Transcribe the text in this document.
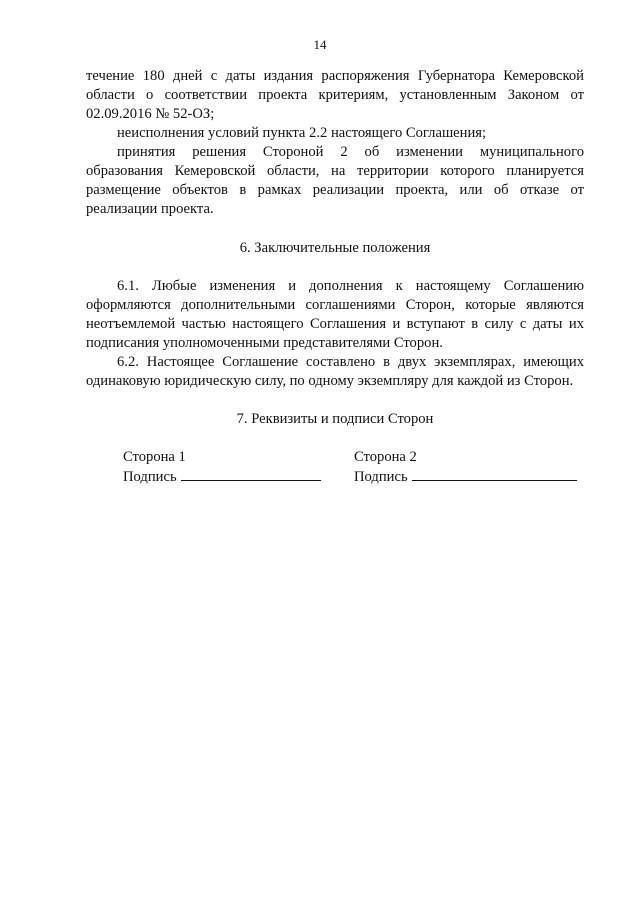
14

течение 180 дней с даты издания распоряжения Губернатора Кемеровской области о соответствии проекта критериям, установленным Законом от 02.09.2016 № 52-ОЗ;

неисполнения условий пункта 2.2 настоящего Соглашения;

принятия решения Стороной 2 об изменении муниципального образования Кемеровской области, на территории которого планируется размещение объектов в рамках реализации проекта, или об отказе от реализации проекта.

6. Заключительные положения

6.1. Любые изменения и дополнения к настоящему Соглашению оформляются дополнительными соглашениями Сторон, которые являются неотъемлемой частью настоящего Соглашения и вступают в силу с даты их подписания уполномоченными представителями Сторон.

6.2. Настоящее Соглашение составлено в двух экземплярах, имеющих одинаковую юридическую силу, по одному экземпляру для каждой из Сторон.

7. Реквизиты и подписи Сторон

Сторона 1
Подпись
Сторона 2
Подпись
